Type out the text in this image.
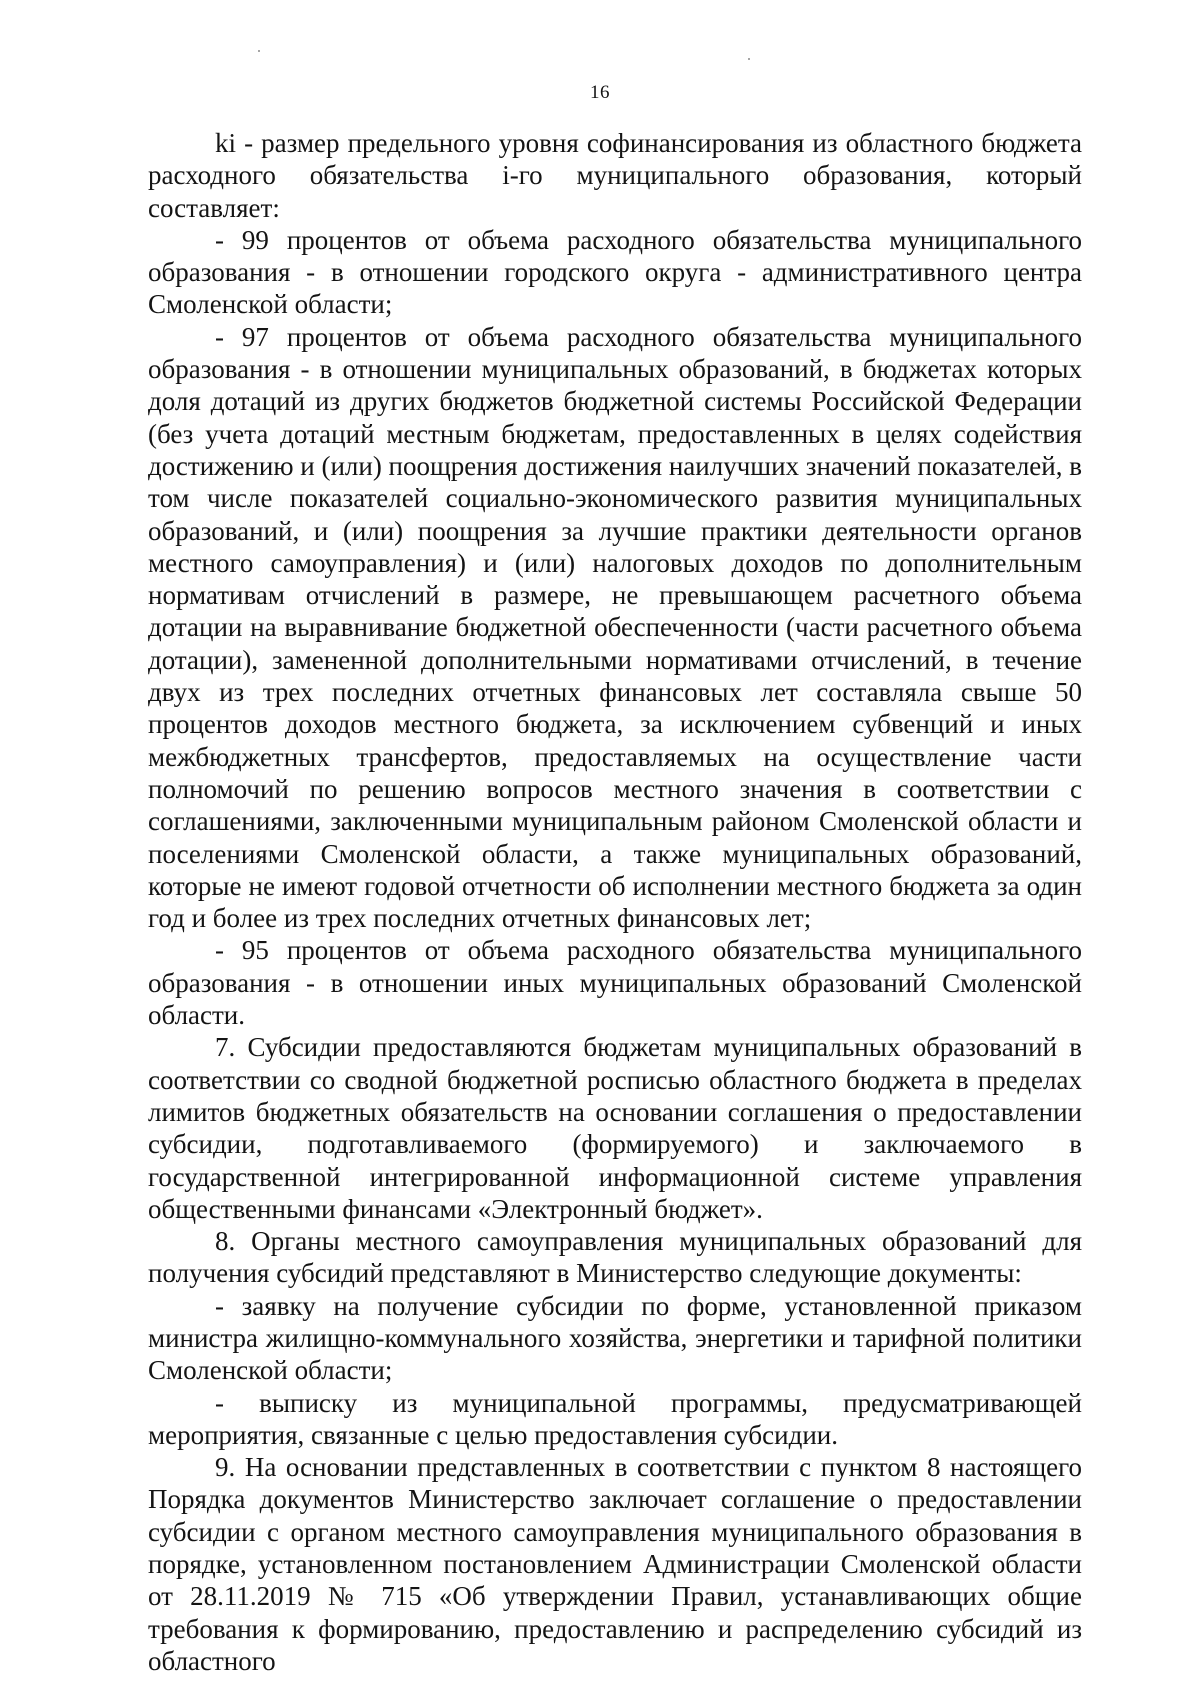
16

ki - размер предельного уровня софинансирования из областного бюджета расходного обязательства i-го муниципального образования, который составляет:

- 99 процентов от объема расходного обязательства муниципального образования - в отношении городского округа - административного центра Смоленской области;

- 97 процентов от объема расходного обязательства муниципального образования - в отношении муниципальных образований, в бюджетах которых доля дотаций из других бюджетов бюджетной системы Российской Федерации (без учета дотаций местным бюджетам, предоставленных в целях содействия достижению и (или) поощрения достижения наилучших значений показателей, в том числе показателей социально-экономического развития муниципальных образований, и (или) поощрения за лучшие практики деятельности органов местного самоуправления) и (или) налоговых доходов по дополнительным нормативам отчислений в размере, не превышающем расчетного объема дотации на выравнивание бюджетной обеспеченности (части расчетного объема дотации), замененной дополнительными нормативами отчислений, в течение двух из трех последних отчетных финансовых лет составляла свыше 50 процентов доходов местного бюджета, за исключением субвенций и иных межбюджетных трансфертов, предоставляемых на осуществление части полномочий по решению вопросов местного значения в соответствии с соглашениями, заключенными муниципальным районом Смоленской области и поселениями Смоленской области, а также муниципальных образований, которые не имеют годовой отчетности об исполнении местного бюджета за один год и более из трех последних отчетных финансовых лет;

- 95 процентов от объема расходного обязательства муниципального образования - в отношении иных муниципальных образований Смоленской области.

7. Субсидии предоставляются бюджетам муниципальных образований в соответствии со сводной бюджетной росписью областного бюджета в пределах лимитов бюджетных обязательств на основании соглашения о предоставлении субсидии, подготавливаемого (формируемого) и заключаемого в государственной интегрированной информационной системе управления общественными финансами «Электронный бюджет».

8. Органы местного самоуправления муниципальных образований для получения субсидий представляют в Министерство следующие документы:

- заявку на получение субсидии по форме, установленной приказом министра жилищно-коммунального хозяйства, энергетики и тарифной политики Смоленской области;

- выписку из муниципальной программы, предусматривающей мероприятия, связанные с целью предоставления субсидии.

9. На основании представленных в соответствии с пунктом 8 настоящего Порядка документов Министерство заключает соглашение о предоставлении субсидии с органом местного самоуправления муниципального образования в порядке, установленном постановлением Администрации Смоленской области от 28.11.2019 № 715 «Об утверждении Правил, устанавливающих общие требования к формированию, предоставлению и распределению субсидий из областного
